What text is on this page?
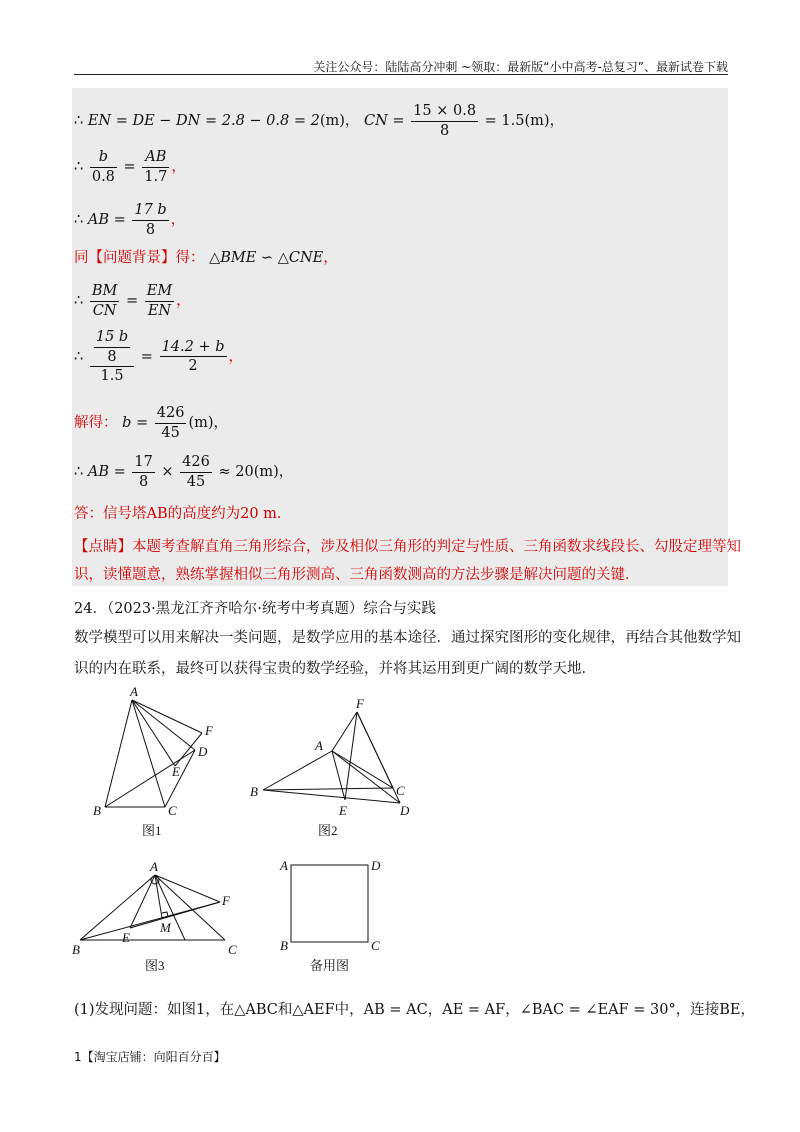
关注公众号：陆陆高分冲刺 ~领取：最新版“小中高考-总复习”、最新试卷下载
∴ EN = DE − DN = 2.8 − 0.8 = 2(m)， CN = $\frac{15 \times 0.8}{8} = 1.5(m)$，
∴ $\frac{b}{0.8} = \frac{AB}{1.7}$ ，
∴ AB = $\frac{17 b}{8}$ ，
同【问题背景】得： △BME ∽ △CNE，
∴ $\frac{BM}{CN} = \frac{EM}{EN}$ ，
∴ $\frac{\frac{15 b}{8}}{1.5} = \frac{14.2 + b}{2}$ ，
解得： $b = \frac{426}{45} (m)$，
∴ AB = $\frac{17}{8} \times \frac{426}{45} \approx 20(m)$，
答：信号塔AB的高度约为20 m．
【点睛】本题考查解直角三角形综合，涉及相似三角形的判定与性质、三角函数求线段长、勾股定理等知
识，读懂题意，熟练掌握相似三角形测高、三角函数测高的方法步骤是解决问题的关键．
24．（2023·黑龙江齐齐哈尔·统考中考真题）综合与实践
数学模型可以用来解决一类问题，是数学应用的基本途径．通过探究图形的变化规律，再结合其他数学知
识的内在联系，最终可以获得宝贵的数学经验，并将其运用到更广阔的数学天地．
A
F
D
E
B	C
图1
F
A
B	C
E	D
图2
A
F
M
E
B	C
图3
A	D
B	C
备用图
(1)发现问题：如图1，在△ABC和△AEF中，AB = AC，AE = AF，∠BAC = ∠EAF = 30°，连接BE，
1【淘宝店铺：向阳百分百】
